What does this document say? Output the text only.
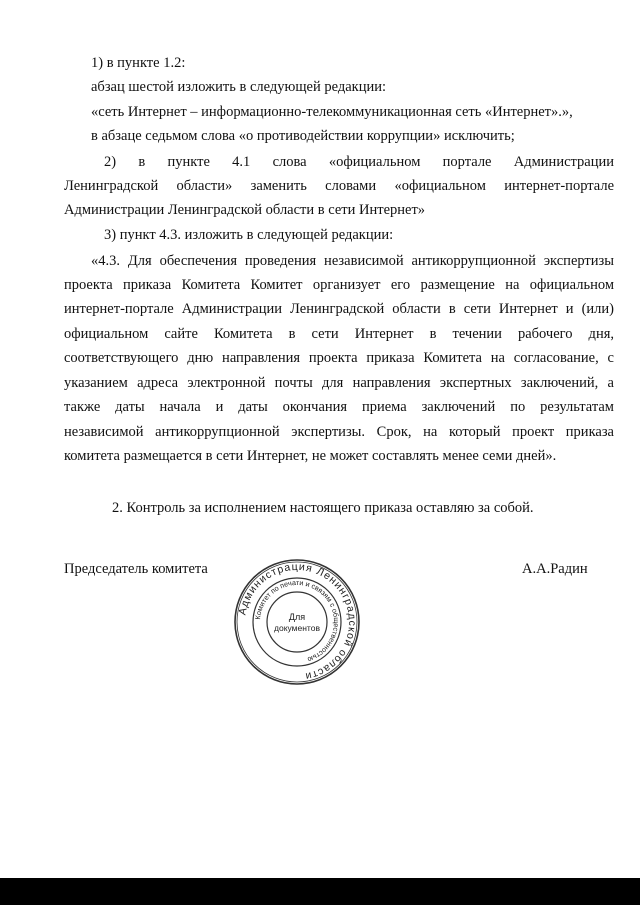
1) в пункте 1.2:
абзац шестой изложить в следующей редакции:
«сеть Интернет – информационно-телекоммуникационная сеть «Интернет».»,
в абзаце седьмом слова «о противодействии коррупции» исключить;
2) в пункте 4.1 слова «официальном портале Администрации
Ленинградской области» заменить словами «официальном интернет-портале
Администрации Ленинградской области в сети Интернет»
3) пункт 4.3. изложить в следующей редакции:
«4.3. Для обеспечения проведения независимой антикоррупционной экспертизы
проекта приказа Комитета Комитет организует его размещение на официальном
интернет-портале Администрации Ленинградской области в сети Интернет и (или)
официальном сайте Комитета в сети Интернет в течении рабочего дня,
соответствующего дню направления проекта приказа Комитета на согласование, с
указанием адреса электронной почты для направления экспертных заключений, а
также даты начала и даты окончания приема заключений по результатам
независимой антикоррупционной экспертизы. Срок, на который проект приказа
комитета размещается в сети Интернет, не может составлять менее семи дней».
2. Контроль за исполнением настоящего приказа оставляю за собой.
Председатель комитета	А.А.Радин
Администрация Ленинградской области
Комитет по печати и связям с общественностью
Для
документов
